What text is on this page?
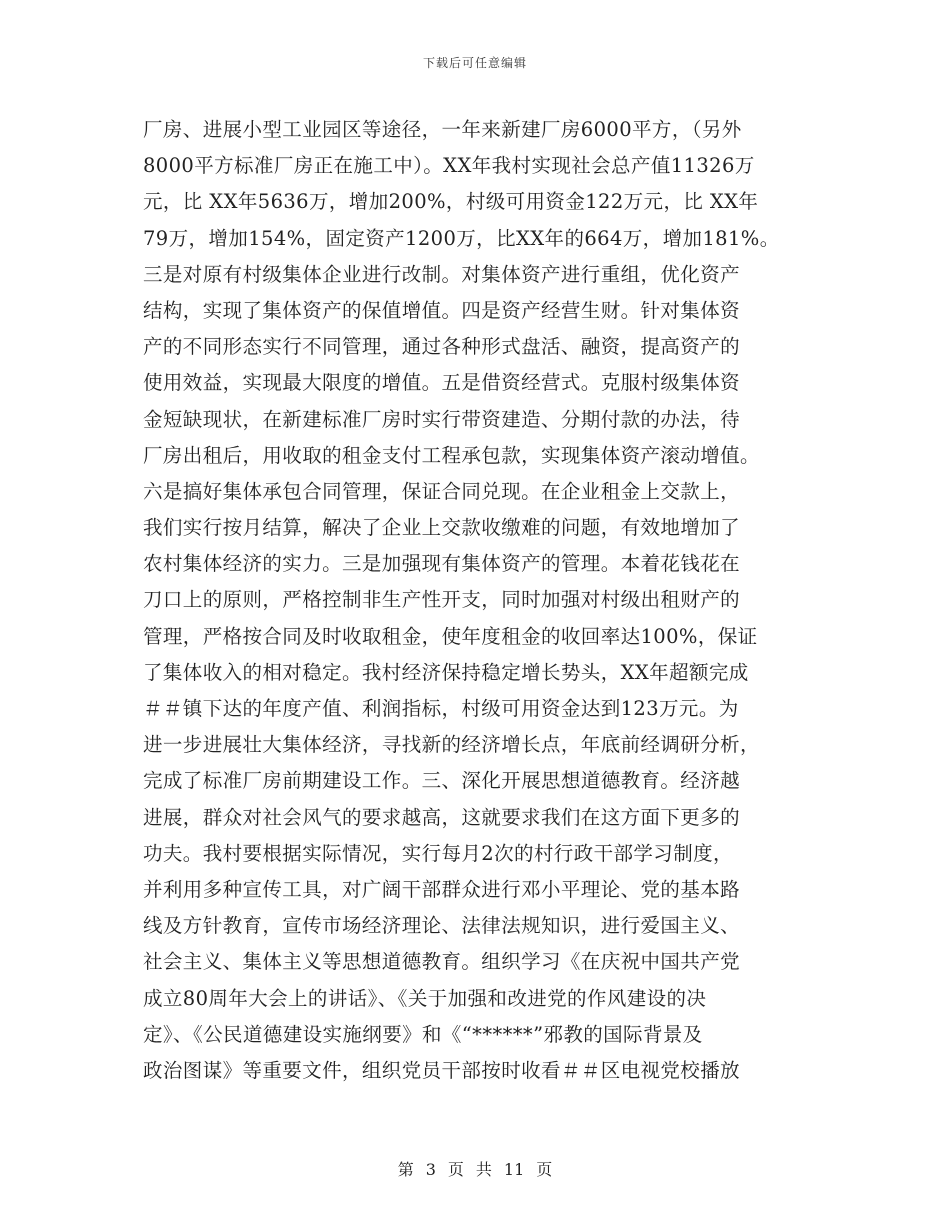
下载后可任意编辑
厂房、进展小型工业园区等途径，一年来新建厂房6000平方，（另外
8000平方标准厂房正在施工中）。XX年我村实现社会总产值11326万
元，比 XX年5636万，增加200%，村级可用资金122万元，比 XX年
79万，增加154%，固定资产1200万，比XX年的664万，增加181%。
三是对原有村级集体企业进行改制。对集体资产进行重组，优化资产
结构，实现了集体资产的保值增值。四是资产经营生财。针对集体资
产的不同形态实行不同管理，通过各种形式盘活、融资，提高资产的
使用效益，实现最大限度的增值。五是借资经营式。克服村级集体资
金短缺现状，在新建标准厂房时实行带资建造、分期付款的办法，待
厂房出租后，用收取的租金支付工程承包款，实现集体资产滚动增值。
六是搞好集体承包合同管理，保证合同兑现。在企业租金上交款上，
我们实行按月结算，解决了企业上交款收缴难的问题，有效地增加了
农村集体经济的实力。三是加强现有集体资产的管理。本着花钱花在
刀口上的原则，严格控制非生产性开支，同时加强对村级出租财产的
管理，严格按合同及时收取租金，使年度租金的收回率达100%，保证
了集体收入的相对稳定。我村经济保持稳定增长势头，XX年超额完成
＃＃镇下达的年度产值、利润指标，村级可用资金达到123万元。为
进一步进展壮大集体经济，寻找新的经济增长点，年底前经调研分析，
完成了标准厂房前期建设工作。三、深化开展思想道德教育。经济越
进展，群众对社会风气的要求越高，这就要求我们在这方面下更多的
功夫。我村要根据实际情况，实行每月2次的村行政干部学习制度，
并利用多种宣传工具，对广阔干部群众进行邓小平理论、党的基本路
线及方针教育，宣传市场经济理论、法律法规知识，进行爱国主义、
社会主义、集体主义等思想道德教育。组织学习《在庆祝中国共产党
成立80周年大会上的讲话》、《关于加强和改进党的作风建设的决
定》、《公民道德建设实施纲要》和《“******”邪教的国际背景及
政治图谋》等重要文件，组织党员干部按时收看＃＃区电视党校播放
第 3 页 共 11 页
